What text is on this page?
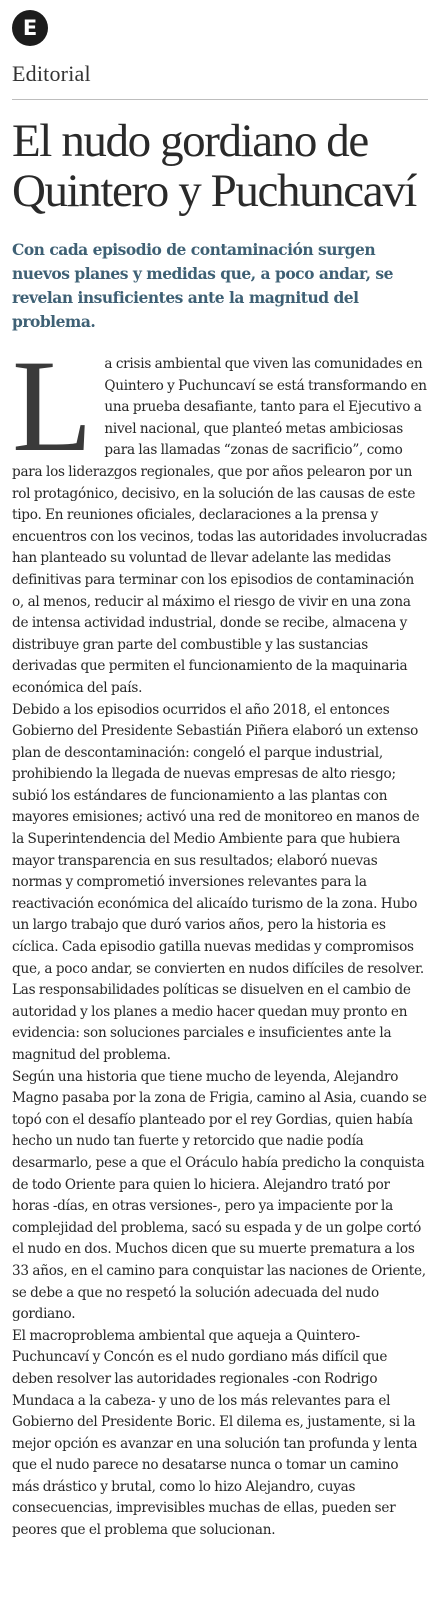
E
Editorial
El nudo gordiano de
Quintero y Puchuncaví
Con cada episodio de contaminación surgen nuevos planes y medidas que, a poco andar, se revelan insuficientes ante la magnitud del problema.

La crisis ambiental que viven las comunidades en Quintero y Puchuncaví se está transformando en una prueba desafiante, tanto para el Ejecutivo a nivel nacional, que planteó metas ambiciosas para las llamadas “zonas de sacrificio”, como para los liderazgos regionales, que por años pelearon por un rol protagónico, decisivo, en la solución de las causas de este tipo. En reuniones oficiales, declaraciones a la prensa y encuentros con los vecinos, todas las autoridades involucradas han planteado su voluntad de llevar adelante las medidas definitivas para terminar con los episodios de contaminación o, al menos, reducir al máximo el riesgo de vivir en una zona de intensa actividad industrial, donde se recibe, almacena y distribuye gran parte del combustible y las sustancias derivadas que permiten el funcionamiento de la maquinaria económica del país.

Debido a los episodios ocurridos el año 2018, el entonces Gobierno del Presidente Sebastián Piñera elaboró un extenso plan de descontaminación: congeló el parque industrial, prohibiendo la llegada de nuevas empresas de alto riesgo; subió los estándares de funcionamiento a las plantas con mayores emisiones; activó una red de monitoreo en manos de la Superintendencia del Medio Ambiente para que hubiera mayor transparencia en sus resultados; elaboró nuevas normas y comprometió inversiones relevantes para la reactivación económica del alicaído turismo de la zona. Hubo un largo trabajo que duró varios años, pero la historia es cíclica. Cada episodio gatilla nuevas medidas y compromisos que, a poco andar, se convierten en nudos difíciles de resolver. Las responsabilidades políticas se disuelven en el cambio de autoridad y los planes a medio hacer quedan muy pronto en evidencia: son soluciones parciales e insuficientes ante la magnitud del problema.

Según una historia que tiene mucho de leyenda, Alejandro Magno pasaba por la zona de Frigia, camino al Asia, cuando se topó con el desafío planteado por el rey Gordias, quien había hecho un nudo tan fuerte y retorcido que nadie podía desarmarlo, pese a que el Oráculo había predicho la conquista de todo Oriente para quien lo hiciera. Alejandro trató por horas -días, en otras versiones-, pero ya impaciente por la complejidad del problema, sacó su espada y de un golpe cortó el nudo en dos. Muchos dicen que su muerte prematura a los 33 años, en el camino para conquistar las naciones de Oriente, se debe a que no respetó la solución adecuada del nudo gordiano.

El macroproblema ambiental que aqueja a Quintero-Puchuncaví y Concón es el nudo gordiano más difícil que deben resolver las autoridades regionales -con Rodrigo Mundaca a la cabeza- y uno de los más relevantes para el Gobierno del Presidente Boric. El dilema es, justamente, si la mejor opción es avanzar en una solución tan profunda y lenta que el nudo parece no desatarse nunca o tomar un camino más drástico y brutal, como lo hizo Alejandro, cuyas consecuencias, imprevisibles muchas de ellas, pueden ser peores que el problema que solucionan.
